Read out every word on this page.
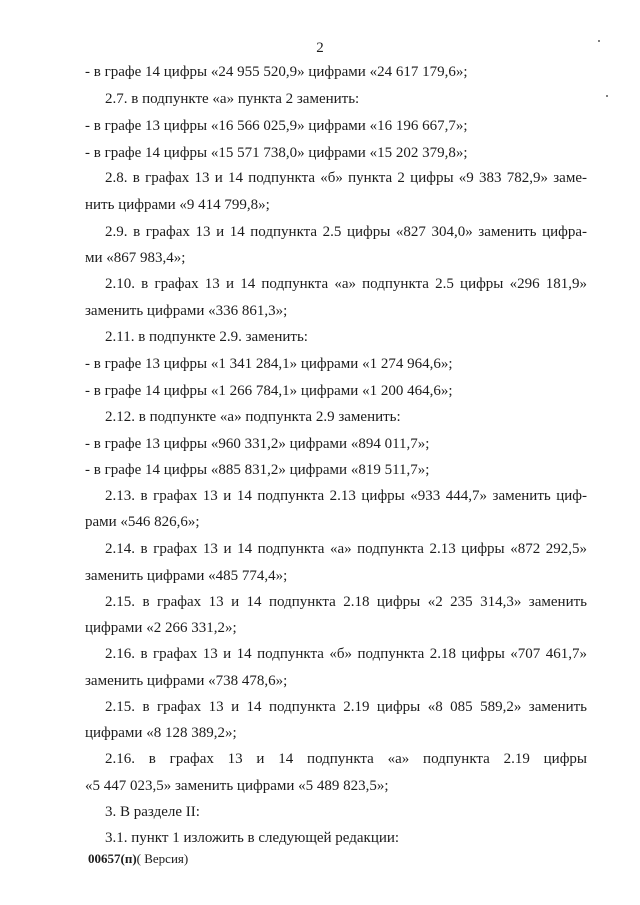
2
- в графе 14 цифры «24 955 520,9» цифрами «24 617 179,6»;
2.7. в подпункте «а» пункта 2 заменить:
- в графе 13 цифры «16 566 025,9» цифрами «16 196 667,7»;
- в графе 14 цифры «15 571 738,0» цифрами «15 202 379,8»;
2.8. в графах 13 и 14 подпункта «б» пункта 2 цифры «9 383 782,9» заме-
нить цифрами «9 414 799,8»;
2.9. в графах 13 и 14 подпункта 2.5 цифры «827 304,0» заменить цифра-
ми «867 983,4»;
2.10. в графах 13 и 14 подпункта «а» подпункта 2.5 цифры «296 181,9»
заменить цифрами «336 861,3»;
2.11. в подпункте 2.9. заменить:
- в графе 13 цифры «1 341 284,1» цифрами «1 274 964,6»;
- в графе 14 цифры «1 266 784,1» цифрами «1 200 464,6»;
2.12. в подпункте «а» подпункта 2.9 заменить:
- в графе 13 цифры «960 331,2» цифрами «894 011,7»;
- в графе 14 цифры «885 831,2» цифрами «819 511,7»;
2.13. в графах 13 и 14 подпункта 2.13 цифры «933 444,7» заменить циф-
рами «546 826,6»;
2.14. в графах 13 и 14 подпункта «а» подпункта 2.13 цифры «872 292,5»
заменить цифрами «485 774,4»;
2.15. в графах 13 и 14 подпункта 2.18 цифры «2 235 314,3» заменить
цифрами «2 266 331,2»;
2.16. в графах 13 и 14 подпункта «б» подпункта 2.18 цифры «707 461,7»
заменить цифрами «738 478,6»;
2.15. в графах 13 и 14 подпункта 2.19 цифры «8 085 589,2» заменить
цифрами «8 128 389,2»;
2.16. в графах 13 и 14 подпункта «а» подпункта 2.19 цифры
«5 447 023,5» заменить цифрами «5 489 823,5»;
3. В разделе II:
3.1. пункт 1 изложить в следующей редакции:
00657(п)( Версия)
